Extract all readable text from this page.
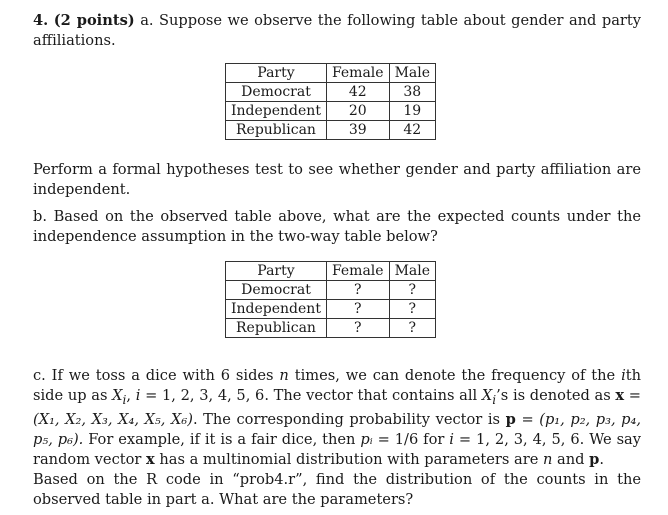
4. (2 points) a. Suppose we observe the following table about gender and party affiliations.
Party	Female	Male
Democrat	42	38
Independent	20	19
Republican	39	42
Perform a formal hypotheses test to see whether gender and party affiliation are independent.
b. Based on the observed table above, what are the expected counts under the independence assumption in the two-way table below?
Party	Female	Male
Democrat	?	?
Independent	?	?
Republican	?	?
c. If we toss a dice with 6 sides n times, we can denote the frequency of the ith side up as $X_i$, i = 1, 2, 3, 4, 5, 6. The vector that contains all $X_i’s$ is denoted as x = (X₁, X₂, X₃, X₄, X₅, X₆). The corresponding probability vector is p = (p₁, p₂, p₃, p₄, p₅, p₆). For example, if it is a fair dice, then pᵢ = 1/6 for i = 1, 2, 3, 4, 5, 6. We say random vector x has a multinomial distribution with parameters are n and p.
Based on the R code in “prob4.r”, find the distribution of the counts in the observed table in part a. What are the parameters?
